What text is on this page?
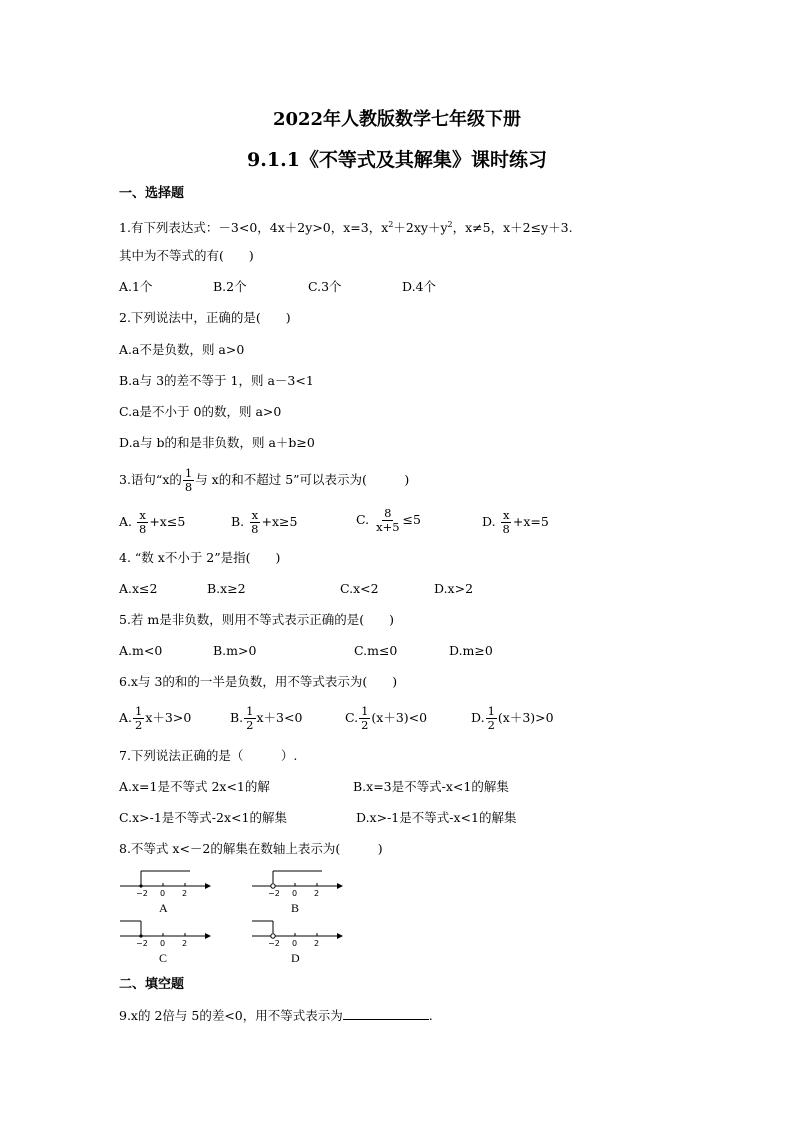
2022年人教版数学七年级下册
9.1.1《不等式及其解集》课时练习
一、选择题
1.有下列表达式：－3<0，4x＋2y>0，x=3，$x^2+2xy+y^2$，x≠5，x＋2≤y＋3.
其中为不等式的有(　　)
A.1个	B.2个	C.3个	D.4个
2.下列说法中，正确的是(　　)
A.a不是负数，则 a>0
B.a与 3的差不等于 1，则 a－3<1
C.a是不小于 0的数，则 a>0
D.a与 b的和是非负数，则 a＋b≥0
3.语句“x的 $\frac{1}{8}$ 与 x的和不超过 5”可以表示为(　　　)
A. $\frac{x}{8} +x\le 5$	B. $\frac{x}{8} +x\ge 5$	C. $\frac{8}{x+5} \le 5$	D. $\frac{x}{8} +x=5$
4. “数 x不小于 2”是指(　　)
A.x≤2	B.x≥2	C.x<2	D.x>2
5.若 m是非负数，则用不等式表示正确的是(　　)
A.m<0	B.m>0	C.m≤0	D.m≥0
6.x与 3的和的一半是负数，用不等式表示为(　　)
A. $\frac{1}{2} x+3>0$	B. $\frac{1}{2} x+3<0$	C. $\frac{1}{2} (x+3)<0$	D. $\frac{1}{2} (x+3)>0$
7.下列说法正确的是（　　　）.
A.x=1是不等式 2x<1的解	B.x=3是不等式-x<1的解集
C.x>-1是不等式-2x<1的解集	D.x>-1是不等式-x<1的解集
8.不等式 x<－2的解集在数轴上表示为(　　　)
−2 0 2
A
−2 0 2
B
−2 0 2
C
−2 0 2
D
二、填空题
9.x的 2倍与 5的差<0，用不等式表示为	.
